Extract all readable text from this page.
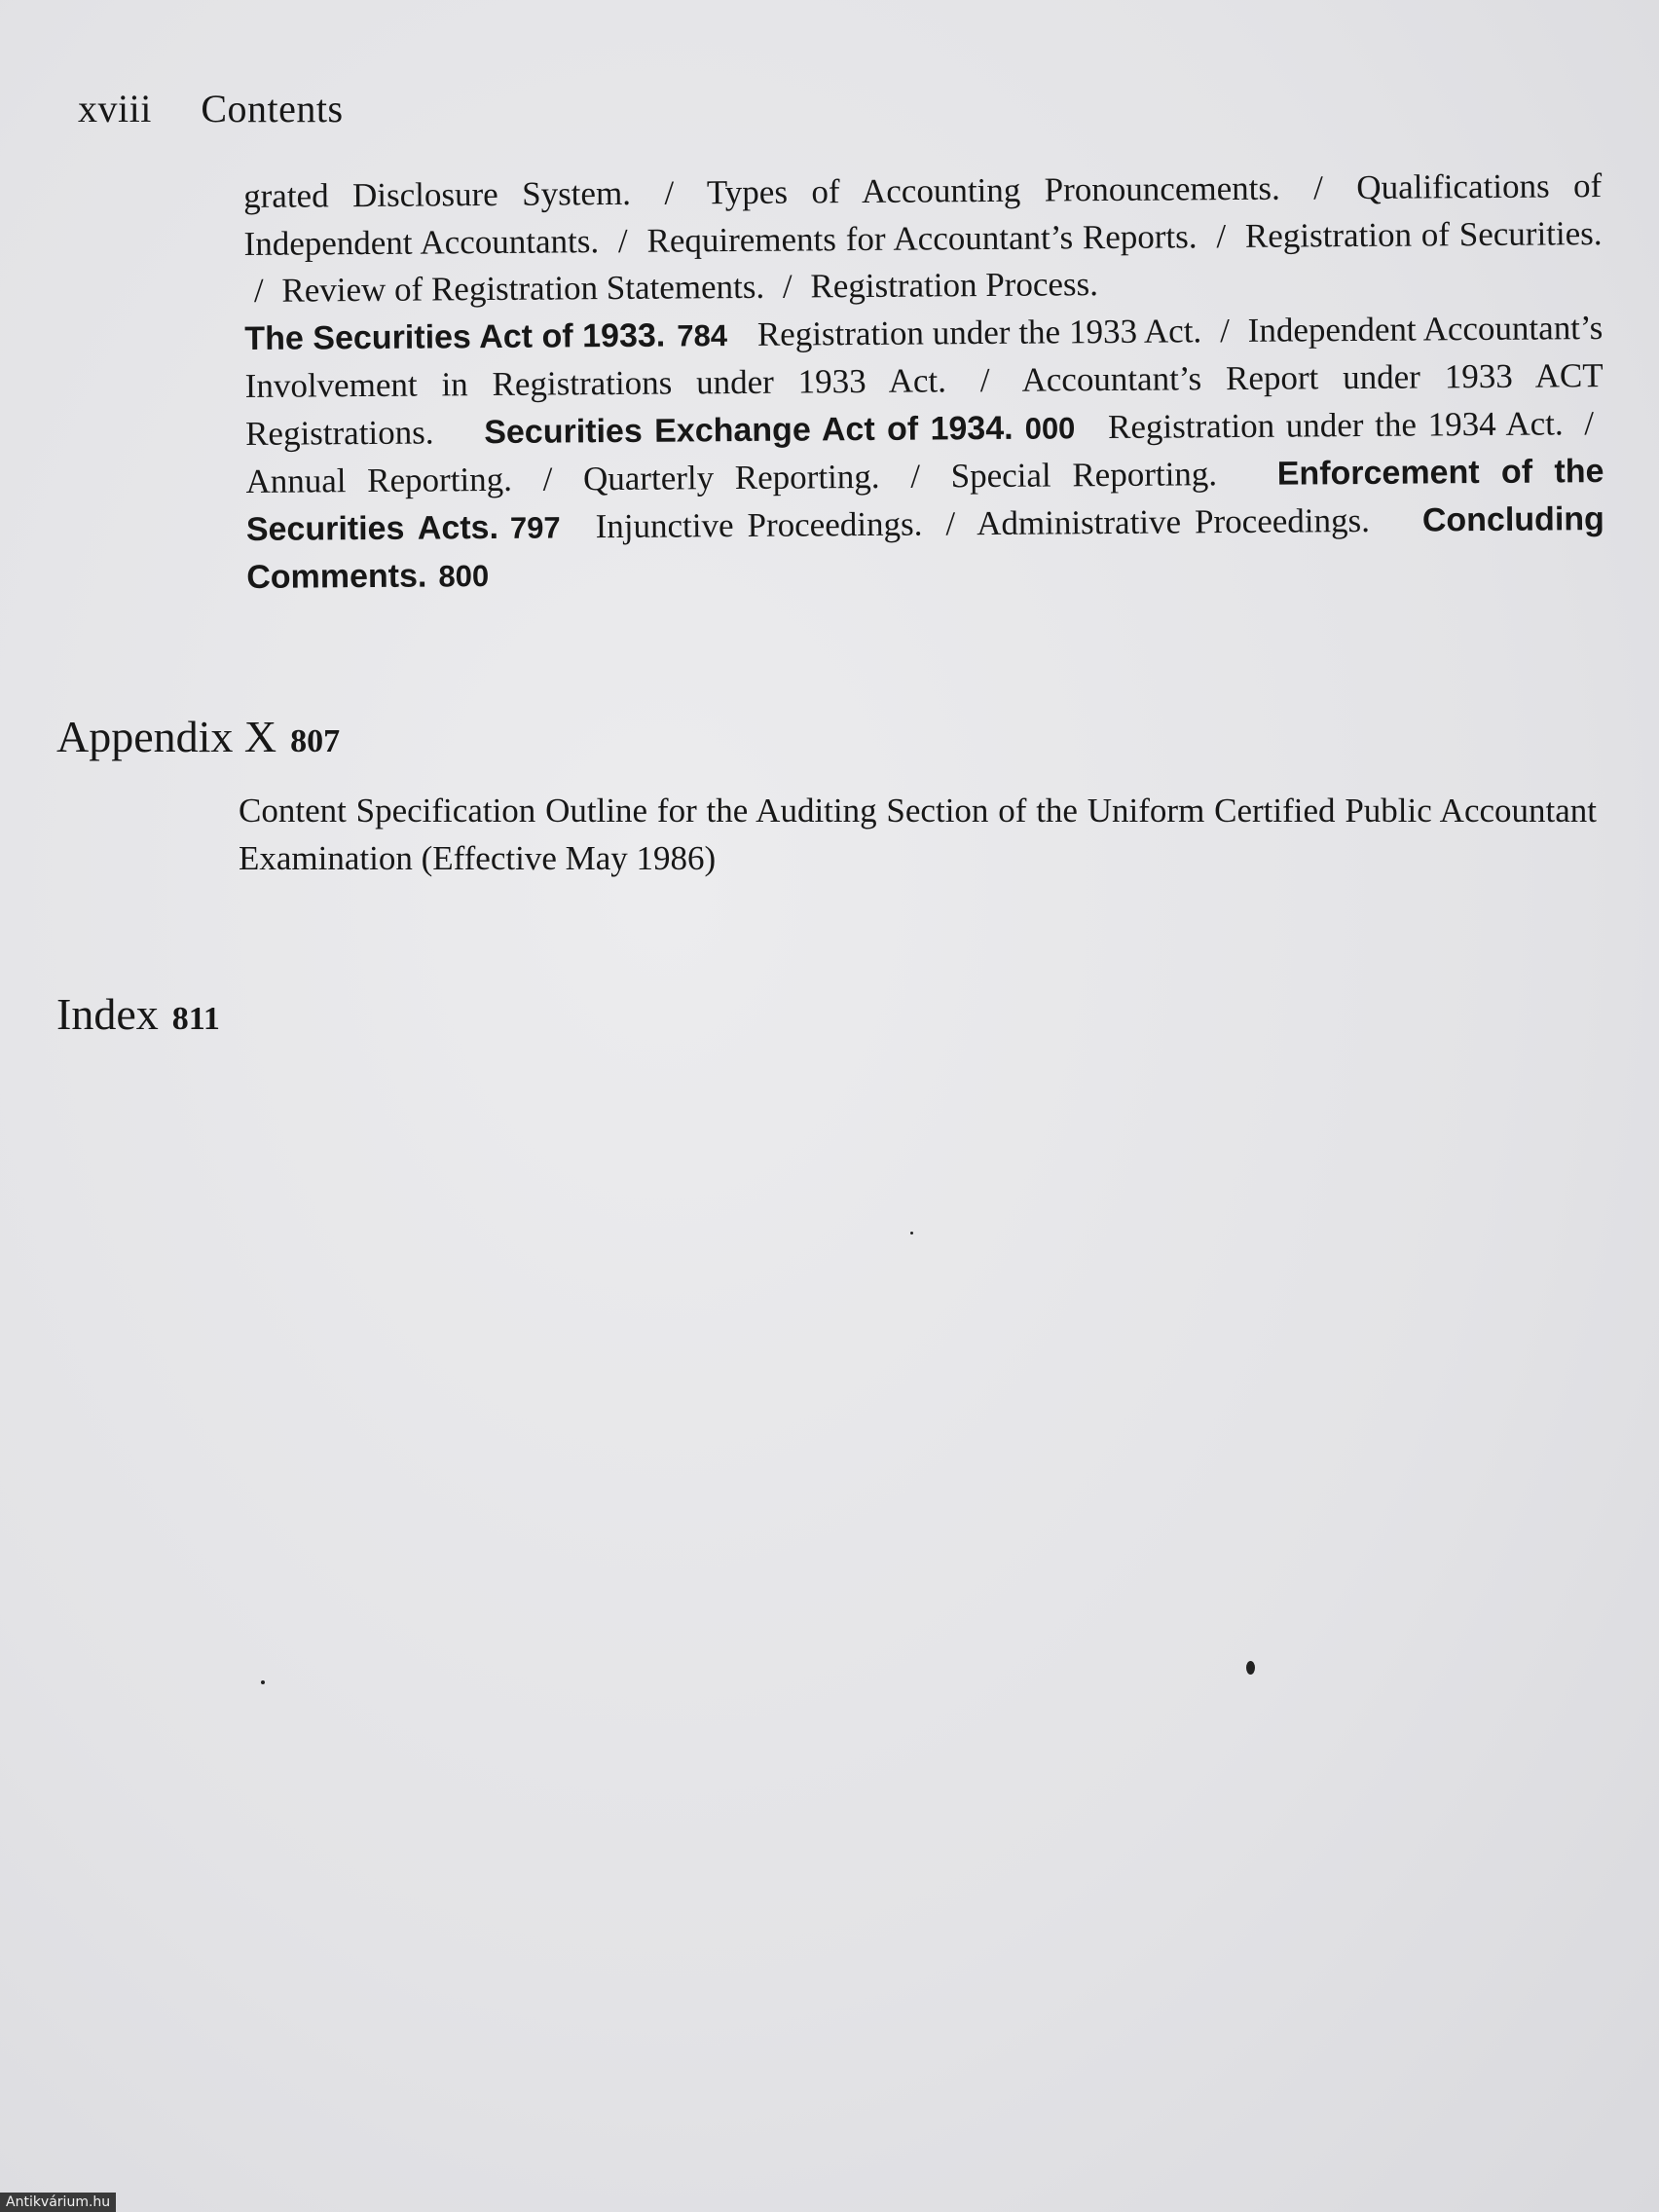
xviii Contents
grated Disclosure System. / Types of Accounting Pronouncements. / Qualifications of Independent Accountants. / Requirements for Accountant’s Reports. / Registration of Securities. / Review of Registration Statements. / Registration Process.
The Securities Act of 1933. 784 Registration under the 1933 Act. / Independent Accountant’s Involvement in Registrations under 1933 Act. / Accountant’s Report under 1933 ACT Registrations. Securities Exchange Act of 1934. 000 Registration under the 1934 Act. / Annual Reporting. / Quarterly Reporting. / Special Reporting. Enforcement of the Securities Acts. 797 Injunctive Proceedings. / Administrative Proceedings. Concluding Comments. 800
Appendix X 807
Content Specification Outline for the Auditing Section of the Uniform Certified Public Accountant Examination (Effective May 1986)
Index 811
Antikvárium.hu
